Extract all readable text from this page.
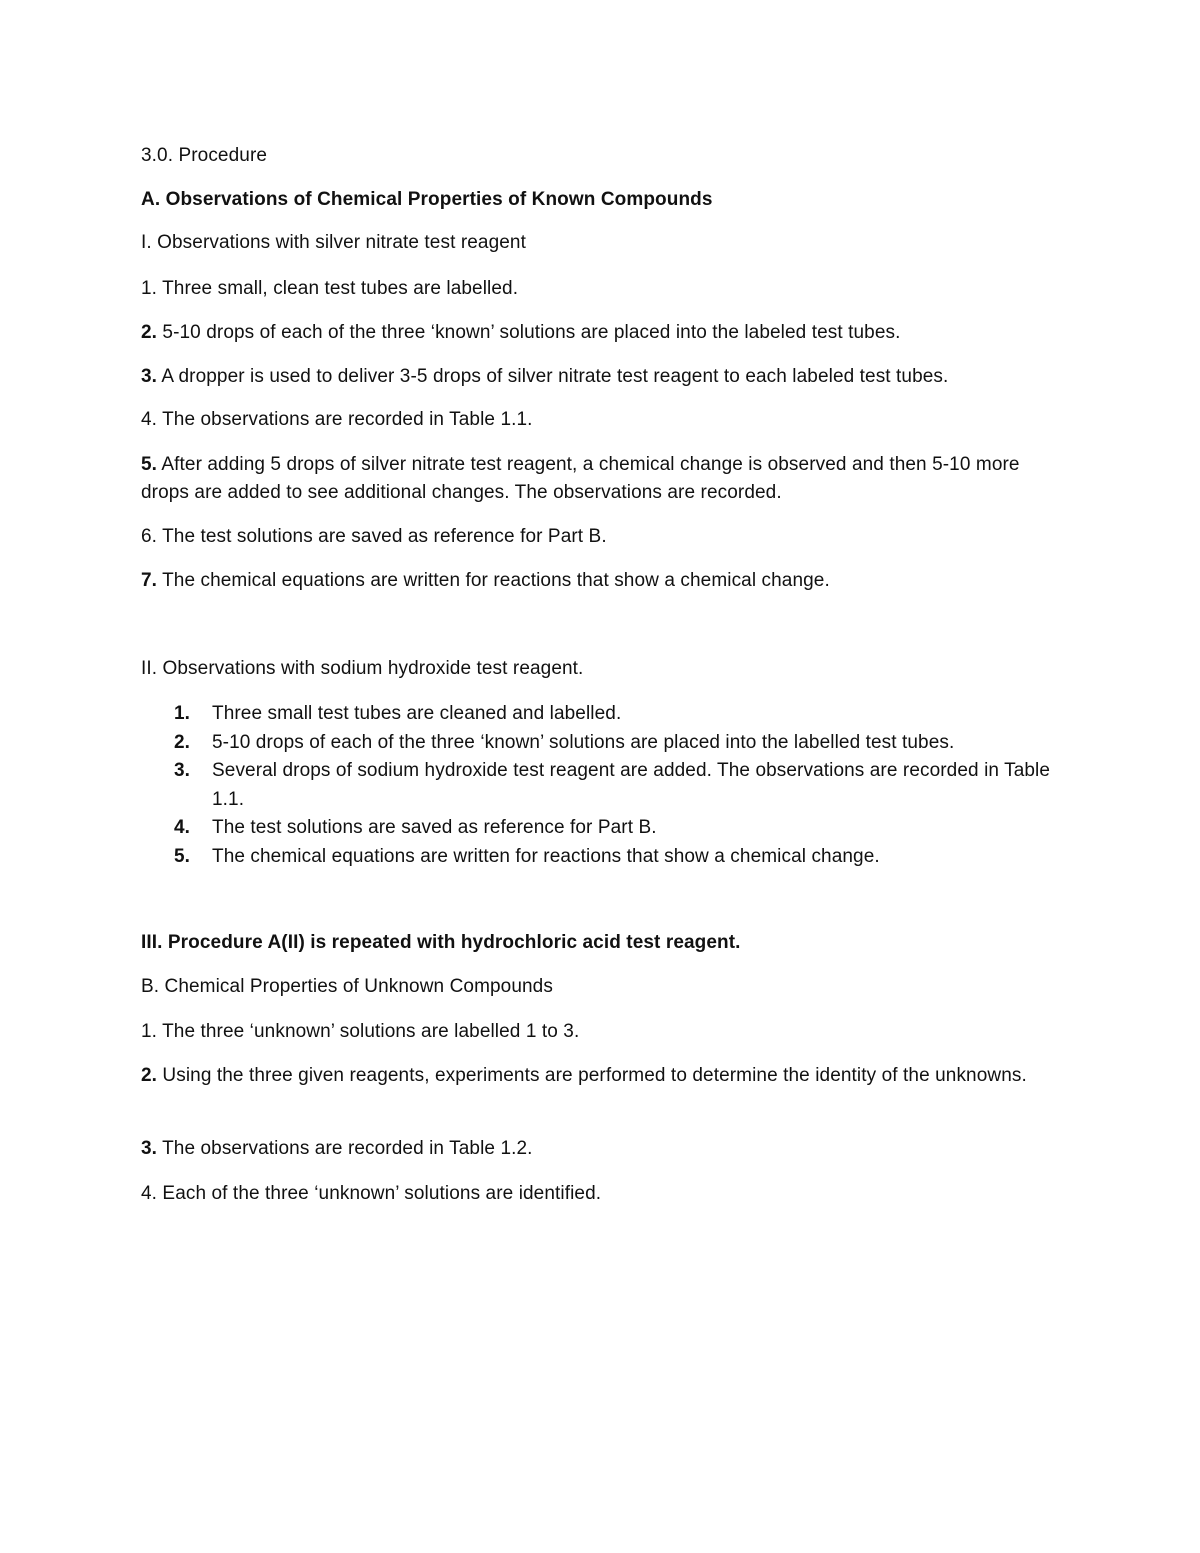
3.0. Procedure
A. Observations of Chemical Properties of Known Compounds
I. Observations with silver nitrate test reagent
1. Three small, clean test tubes are labelled.
2. 5-10 drops of each of the three ‘known’ solutions are placed into the labeled test tubes.
3. A dropper is used to deliver 3-5 drops of silver nitrate test reagent to each labeled test tubes.
4. The observations are recorded in Table 1.1.
5. After adding 5 drops of silver nitrate test reagent, a chemical change is observed and then 5-10 more drops are added to see additional changes. The observations are recorded.
6. The test solutions are saved as reference for Part B.
7. The chemical equations are written for reactions that show a chemical change.
II. Observations with sodium hydroxide test reagent.
1. Three small test tubes are cleaned and labelled.
2. 5-10 drops of each of the three ‘known’ solutions are placed into the labelled test tubes.
3. Several drops of sodium hydroxide test reagent are added. The observations are recorded in Table 1.1.
4. The test solutions are saved as reference for Part B.
5. The chemical equations are written for reactions that show a chemical change.
III. Procedure A(II) is repeated with hydrochloric acid test reagent.
B. Chemical Properties of Unknown Compounds
1. The three ‘unknown’ solutions are labelled 1 to 3.
2. Using the three given reagents, experiments are performed to determine the identity of the unknowns.
3. The observations are recorded in Table 1.2.
4. Each of the three ‘unknown’ solutions are identified.
